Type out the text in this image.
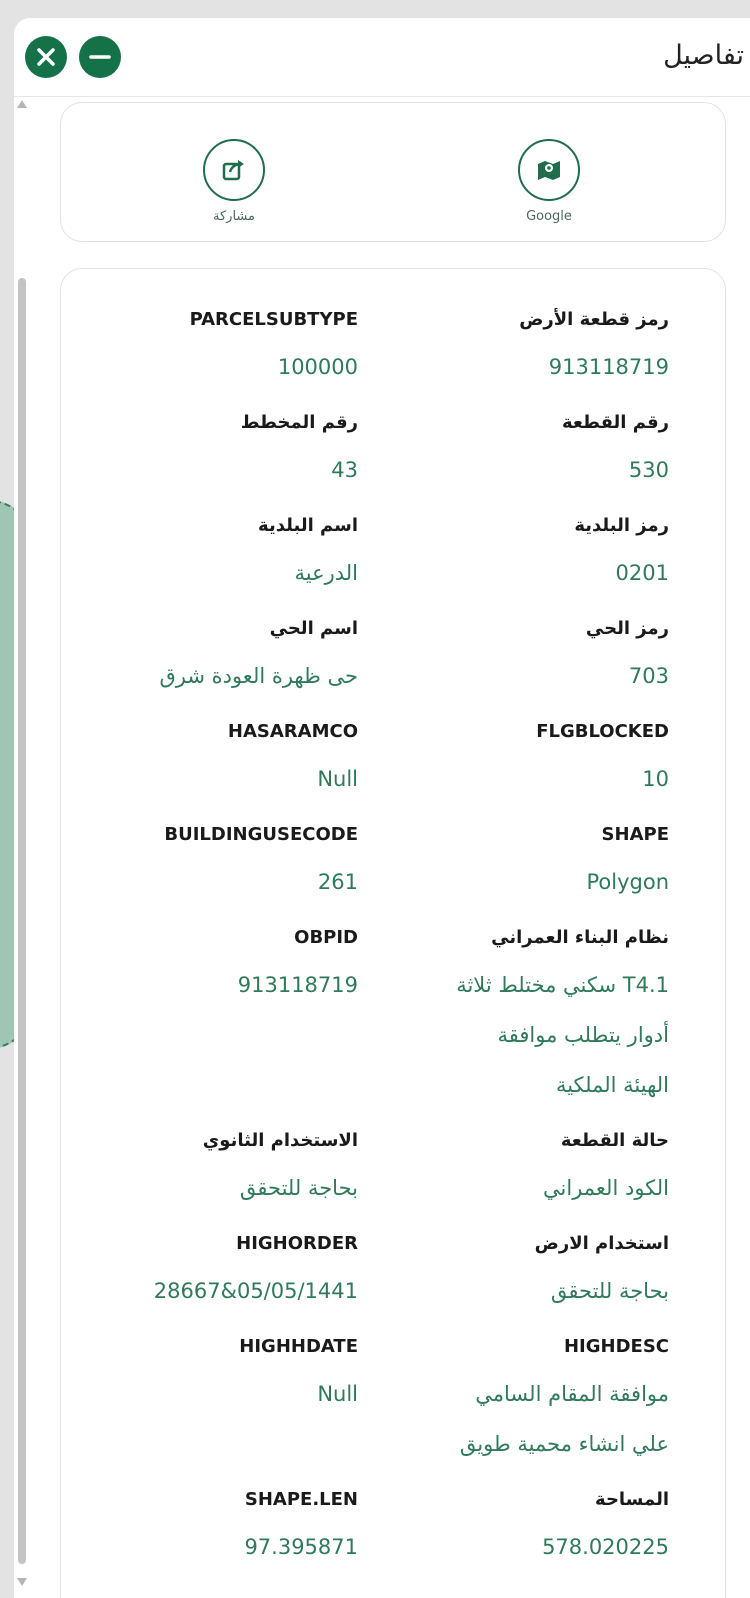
تفاصيل
Google
مشاركة
رمز قطعة الأرض
PARCELSUBTYPE
913118719
100000
رقم القطعة
رقم المخطط
530
43
رمز البلدية
اسم البلدية
0201
الدرعية
رمز الحي
اسم الحي
703
حى ظهرة العودة شرق
FLGBLOCKED
HASARAMCO
10
Null
SHAPE
BUILDINGUSECODE
Polygon
261
نظام البناء العمراني
OBPID
T4.1 سكني مختلط ثلاثة
أدوار يتطلب موافقة
الهيئة الملكية
913118719
حالة القطعة
الاستخدام الثانوي
الكود العمراني
بحاجة للتحقق
استخدام الارض
HIGHORDER
بحاجة للتحقق
05/05/1441&28667
HIGHDESC
HIGHHDATE
موافقة المقام السامي
علي انشاء محمية طويق
Null
المساحة
SHAPE.LEN
578.020225
97.395871
